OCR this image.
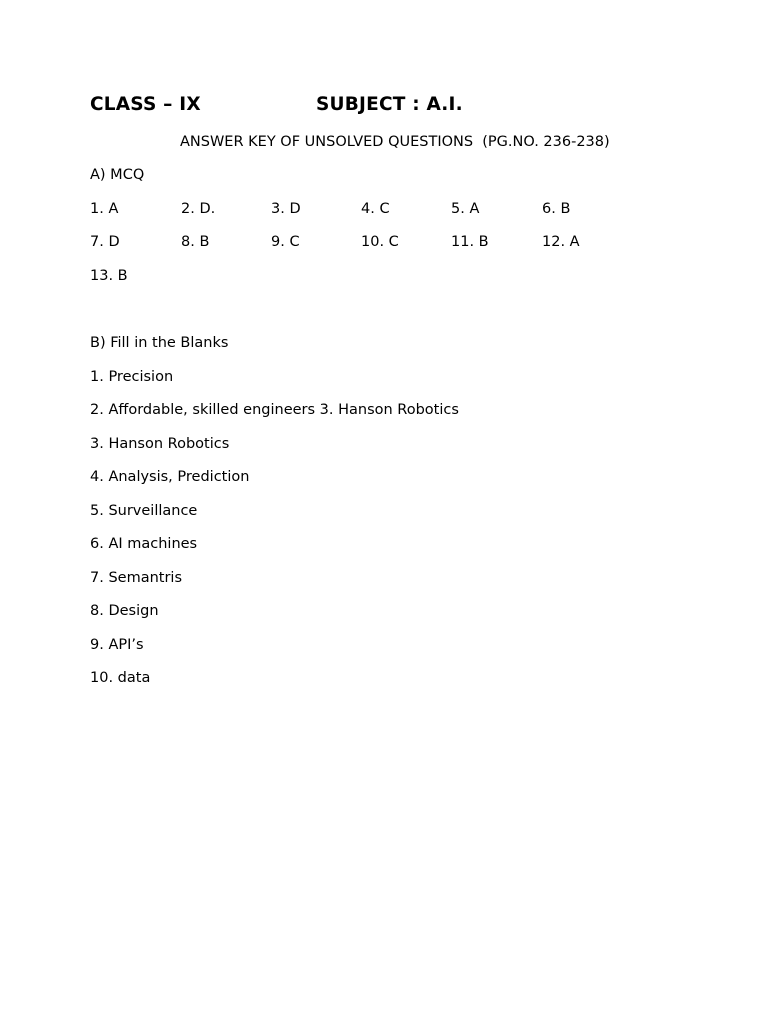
CLASS – IX	SUBJECT : A.I.
ANSWER KEY OF UNSOLVED QUESTIONS  (PG.NO. 236-238)
A) MCQ
1. A	2. D.	3. D	4. C	5. A	6. B
7. D	8. B	9. C	10. C	11. B	12. A
13. B
B) Fill in the Blanks
1. Precision
2. Affordable, skilled engineers 3. Hanson Robotics
3. Hanson Robotics
4. Analysis, Prediction
5. Surveillance
6. AI machines
7. Semantris
8. Design
9. API’s
10. data
